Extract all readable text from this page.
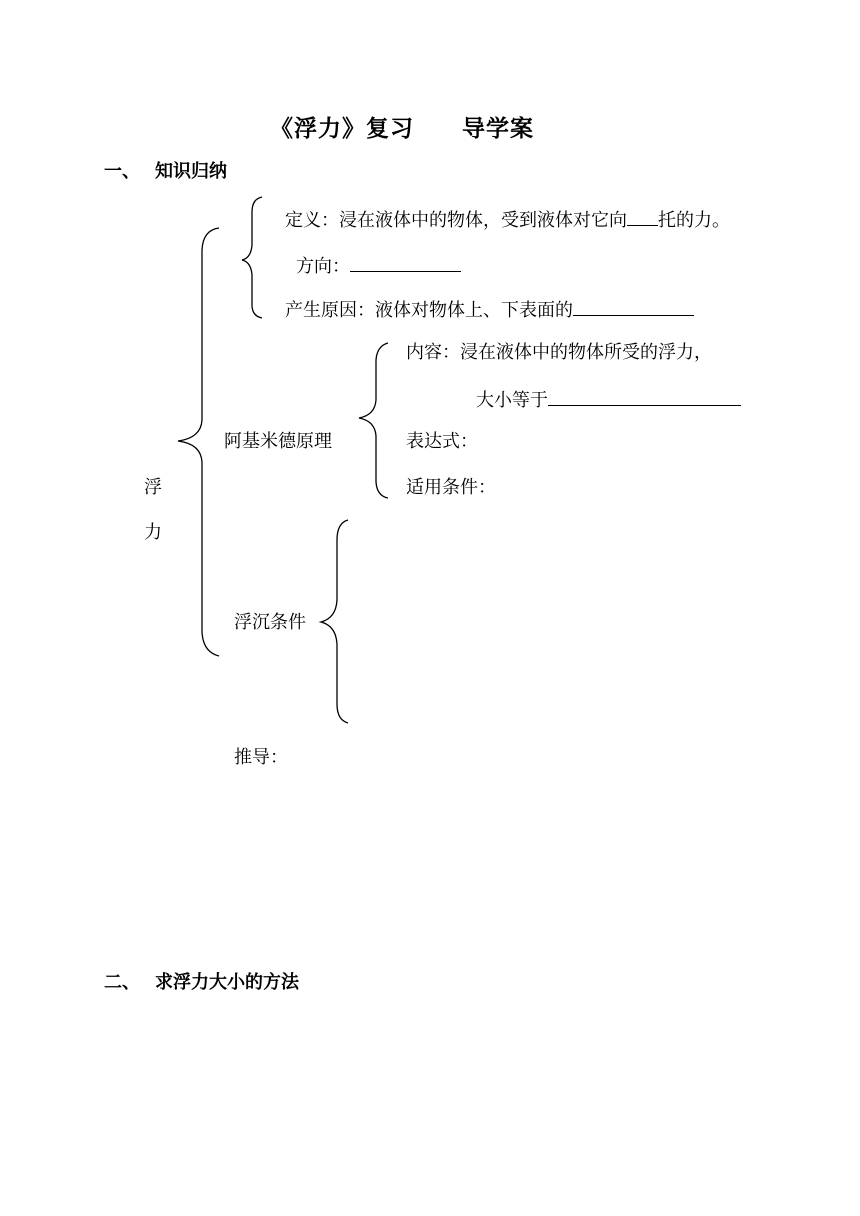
《浮力》复习　　导学案
一、 知识归纳
浮
力
定义：浸在液体中的物体，受到液体对它向 托的力。
方向：
产生原因：液体对物体上、下表面的
阿基米德原理
内容：浸在液体中的物体所受的浮力，
大小等于
表达式：
适用条件：
浮沉条件
推导：
二、 求浮力大小的方法
